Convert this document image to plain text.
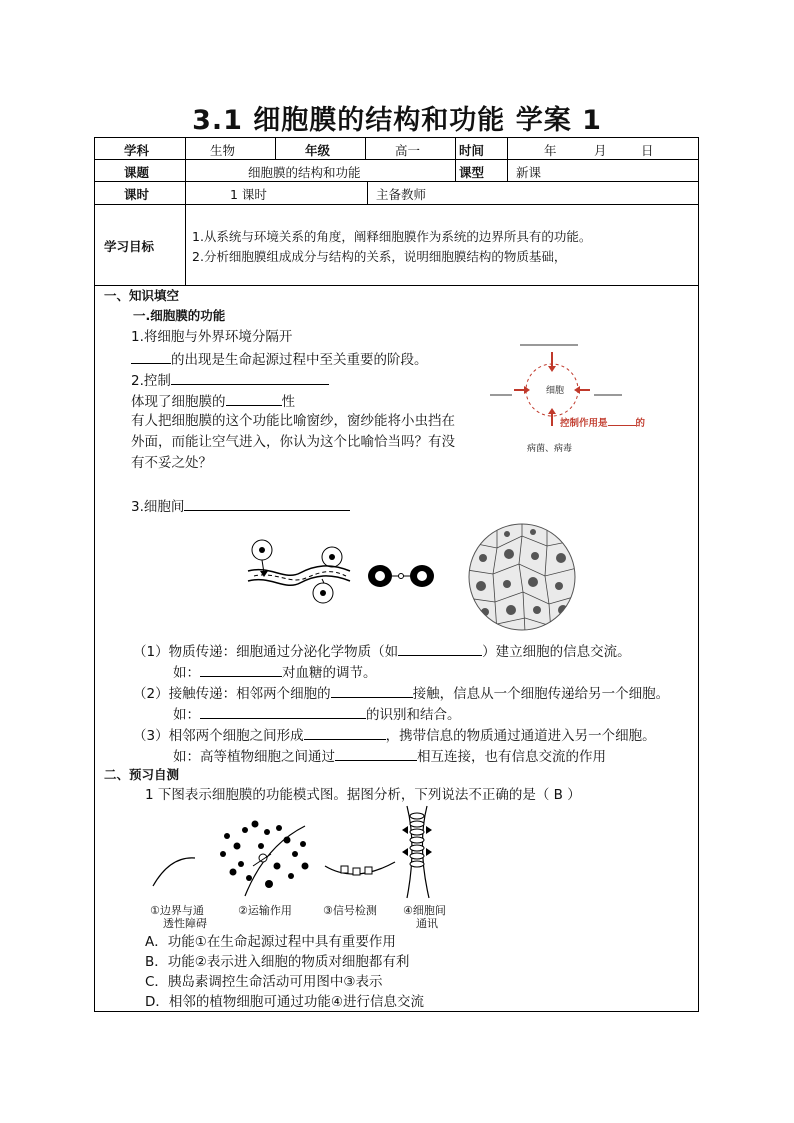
3.1 细胞膜的结构和功能 学案 1
学科	生物	年级	高一	时间	年	月	日
课题	细胞膜的结构和功能	课型	新课
课时	1 课时	主备教师
学习目标
1.从系统与环境关系的角度，阐释细胞膜作为系统的边界所具有的功能。
2.分析细胞膜组成成分与结构的关系，说明细胞膜结构的物质基础，
一、知识填空
一.细胞膜的功能
1.将细胞与外界环境分隔开
的出现是生命起源过程中至关重要的阶段。
2.控制
体现了细胞膜的	性
有人把细胞膜的这个功能比喻窗纱，窗纱能将小虫挡在
外面，而能让空气进入，你认为这个比喻恰当吗？有没
有不妥之处？
细胞
控制作用是	的
病菌、病毒
3.细胞间
（1）物质传递：细胞通过分泌化学物质（如	）建立细胞的信息交流。
如：	对血糖的调节。
（2）接触传递：相邻两个细胞的	接触，信息从一个细胞传递给另一个细胞。
如：	的识别和结合。
（3）相邻两个细胞之间形成	，携带信息的物质通过通道进入另一个细胞。
如：高等植物细胞之间通过	相互连接，也有信息交流的作用
二、预习自测
1 下图表示细胞膜的功能模式图。据图分析，下列说法不正确的是（ B ）
①边界与通
透性障碍
②运输作用	③信号检测 ④细胞间
通讯
A．功能①在生命起源过程中具有重要作用
B．功能②表示进入细胞的物质对细胞都有利
C．胰岛素调控生命活动可用图中③表示
D．相邻的植物细胞可通过功能④进行信息交流
